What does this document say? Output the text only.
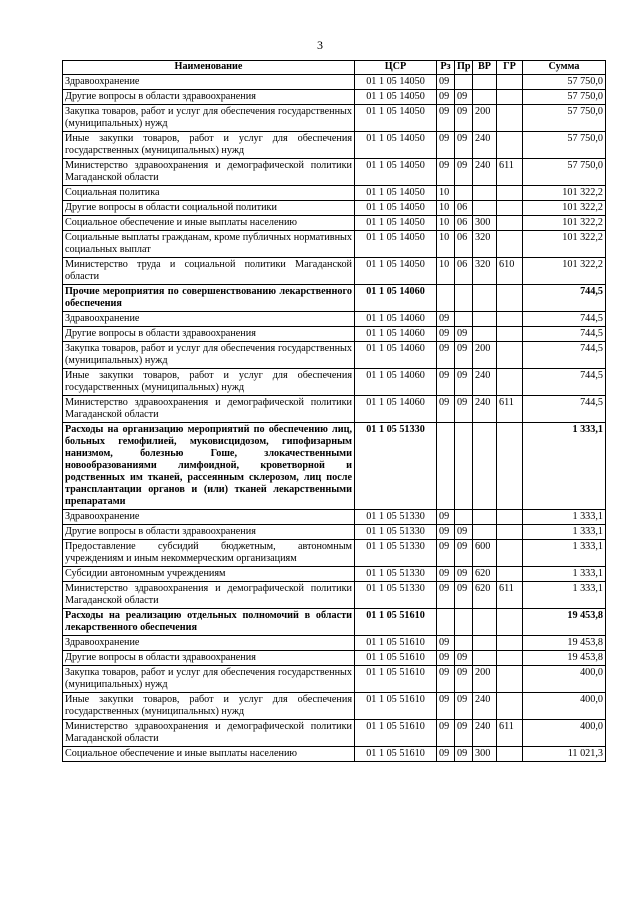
3
Наименование	ЦСР	Рз	Пр	ВР	ГР	Сумма
Здравоохранение	01 1 05 14050	09				57 750,0
Другие вопросы в области здравоохранения	01 1 05 14050	09	09			57 750,0
Закупка товаров, работ и услуг для обеспечения государственных (муниципальных) нужд	01 1 05 14050	09	09	200		57 750,0
Иные закупки товаров, работ и услуг для обеспечения государственных (муниципальных) нужд	01 1 05 14050	09	09	240		57 750,0
Министерство здравоохранения и демографической политики Магаданской области	01 1 05 14050	09	09	240	611	57 750,0
Социальная политика	01 1 05 14050	10				101 322,2
Другие вопросы в области социальной политики	01 1 05 14050	10	06			101 322,2
Социальное обеспечение и иные выплаты населению	01 1 05 14050	10	06	300		101 322,2
Социальные выплаты гражданам, кроме публичных нормативных социальных выплат	01 1 05 14050	10	06	320		101 322,2
Министерство труда и социальной политики Магаданской области	01 1 05 14050	10	06	320	610	101 322,2
Прочие мероприятия по совершенствованию лекарственного обеспечения	01 1 05 14060					744,5
Здравоохранение	01 1 05 14060	09				744,5
Другие вопросы в области здравоохранения	01 1 05 14060	09	09			744,5
Закупка товаров, работ и услуг для обеспечения государственных (муниципальных) нужд	01 1 05 14060	09	09	200		744,5
Иные закупки товаров, работ и услуг для обеспечения государственных (муниципальных) нужд	01 1 05 14060	09	09	240		744,5
Министерство здравоохранения и демографической политики Магаданской области	01 1 05 14060	09	09	240	611	744,5
Расходы на организацию мероприятий по обеспечению лиц, больных гемофилией, муковисцидозом, гипофизарным нанизмом, болезнью Гоше, злокачественными новообразованиями лимфоидной, кроветворной и родственных им тканей, рассеянным склерозом, лиц после трансплантации органов и (или) тканей лекарственными препаратами	01 1 05 51330					1 333,1
Здравоохранение	01 1 05 51330	09				1 333,1
Другие вопросы в области здравоохранения	01 1 05 51330	09	09			1 333,1
Предоставление субсидий бюджетным, автономным учреждениям и иным некоммерческим организациям	01 1 05 51330	09	09	600		1 333,1
Субсидии автономным учреждениям	01 1 05 51330	09	09	620		1 333,1
Министерство здравоохранения и демографической политики Магаданской области	01 1 05 51330	09	09	620	611	1 333,1
Расходы на реализацию отдельных полномочий в области лекарственного обеспечения	01 1 05 51610					19 453,8
Здравоохранение	01 1 05 51610	09				19 453,8
Другие вопросы в области здравоохранения	01 1 05 51610	09	09			19 453,8
Закупка товаров, работ и услуг для обеспечения государственных (муниципальных) нужд	01 1 05 51610	09	09	200		400,0
Иные закупки товаров, работ и услуг для обеспечения государственных (муниципальных) нужд	01 1 05 51610	09	09	240		400,0
Министерство здравоохранения и демографической политики Магаданской области	01 1 05 51610	09	09	240	611	400,0
Социальное обеспечение и иные выплаты населению	01 1 05 51610	09	09	300		11 021,3
